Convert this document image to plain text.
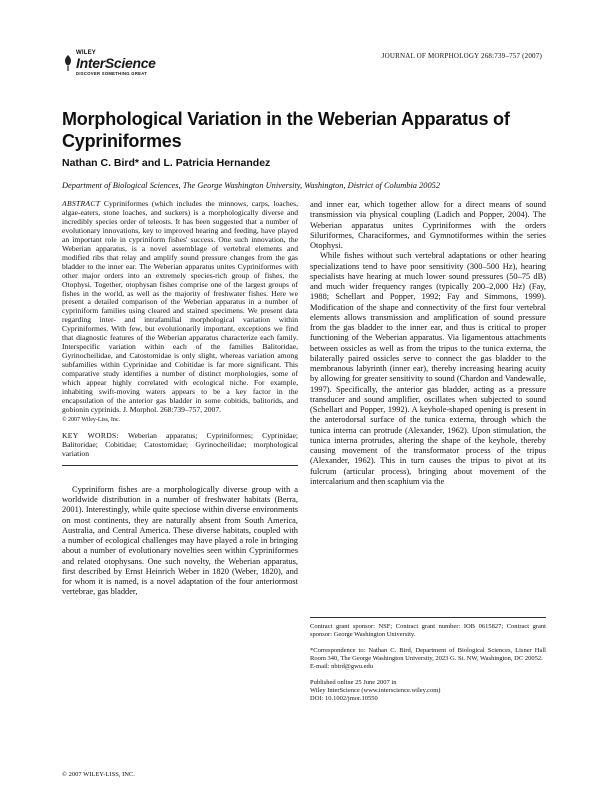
WILEY
InterScience
DISCOVER SOMETHING GREAT
JOURNAL OF MORPHOLOGY 268:739–757 (2007)
Morphological Variation in the Weberian Apparatus of Cypriniformes
Nathan C. Bird* and L. Patricia Hernandez
Department of Biological Sciences, The George Washington University, Washington, District of Columbia 20052

ABSTRACT Cypriniformes (which includes the minnows, carps, loaches, algae-eaters, stone loaches, and suckers) is a morphologically diverse and incredibly species order of teleosts. It has been suggested that a number of evolutionary innovations, key to improved hearing and feeding, have played an important role in cypriniform fishes' success. One such innovation, the Weberian apparatus, is a novel assemblage of vertebral elements and modified ribs that relay and amplify sound pressure changes from the gas bladder to the inner ear. The Weberian apparatus unites Cypriniformes with other major orders into an extremely species-rich group of fishes, the Otophysi. Together, otophysan fishes comprise one of the largest groups of fishes in the world, as well as the majority of freshwater fishes. Here we present a detailed comparison of the Weberian apparatus in a number of cypriniform families using cleared and stained specimens. We present data regarding inter- and intrafamilial morphological variation within Cypriniformes. With few, but evolutionarily important, exceptions we find that diagnostic features of the Weberian apparatus characterize each family. Interspecific variation within each of the families Balitoridae, Gyrinocheilidae, and Catostomidae is only slight, whereas variation among subfamilies within Cyprinidae and Cobitidae is far more significant. This comparative study identifies a number of distinct morphologies, some of which appear highly correlated with ecological niche. For example, inhabiting swift-moving waters appears to be a key factor in the encapsulation of the anterior gas bladder in some cobitids, balitorids, and gobionin cyprinids. J. Morphol. 268:739–757, 2007.
© 2007 Wiley-Liss, Inc.

KEY WORDS: Weberian apparatus; Cypriniformes; Cyprinidae; Balitoridae; Cobitidae; Catostomidae; Gyrinocheilidae; morphological variation

Cypriniform fishes are a morphologically diverse group with a worldwide distribution in a number of freshwater habitats (Berra, 2001). Interestingly, while quite speciose within diverse environments on most continents, they are naturally absent from South America, Australia, and Central America. These diverse habitats, coupled with a number of ecological challenges may have played a role in bringing about a number of evolutionary novelties seen within Cypriniformes and related otophysans. One such novelty, the Weberian apparatus, first described by Ernst Heinrich Weber in 1820 (Weber, 1820), and for whom it is named, is a novel adaptation of the four anteriormost vertebrae, gas bladder,

and inner ear, which together allow for a direct means of sound transmission via physical coupling (Ladich and Popper, 2004). The Weberian apparatus unites Cypriniformes with the orders Siluriformes, Characiformes, and Gymnotiformes within the series Otophysi.

While fishes without such vertebral adaptations or other hearing specializations tend to have poor sensitivity (300–500 Hz), hearing specialists have hearing at much lower sound pressures (50–75 dB) and much wider frequency ranges (typically 200–2,000 Hz) (Fay, 1988; Schellart and Popper, 1992; Fay and Simmons, 1999). Modification of the shape and connectivity of the first four vertebral elements allows transmission and amplification of sound pressure from the gas bladder to the inner ear, and thus is critical to proper functioning of the Weberian apparatus. Via ligamentous attachments between ossicles as well as from the tripus to the tunica externa, the bilaterally paired ossicles serve to connect the gas bladder to the membranous labyrinth (inner ear), thereby increasing hearing acuity by allowing for greater sensitivity to sound (Chardon and Vandewalle, 1997). Specifically, the anterior gas bladder, acting as a pressure transducer and sound amplifier, oscillates when subjected to sound (Schellart and Popper, 1992). A keyhole-shaped opening is present in the anterodorsal surface of the tunica externa, through which the tunica interna can protrude (Alexander, 1962). Upon stimulation, the tunica interna protrudes, altering the shape of the keyhole, thereby causing movement of the transformator process of the tripus (Alexander, 1962). This in turn causes the tripus to pivot at its fulcrum (articular process), bringing about movement of the intercalarium and then scaphium via the

Contract grant sponsor: NSF; Contract grant number: IOB 0615827; Contract grant sponsor: George Washington University.

*Correspondence to: Nathan C. Bird, Department of Biological Sciences, Lisner Hall Room 340, The George Washington University, 2023 G. St. NW, Washington, DC 20052.
E-mail: nbird@gwu.edu

Published online 25 June 2007 in
Wiley InterScience (www.interscience.wiley.com)
DOI: 10.1002/jmor.10550

© 2007 WILEY-LISS, INC.
